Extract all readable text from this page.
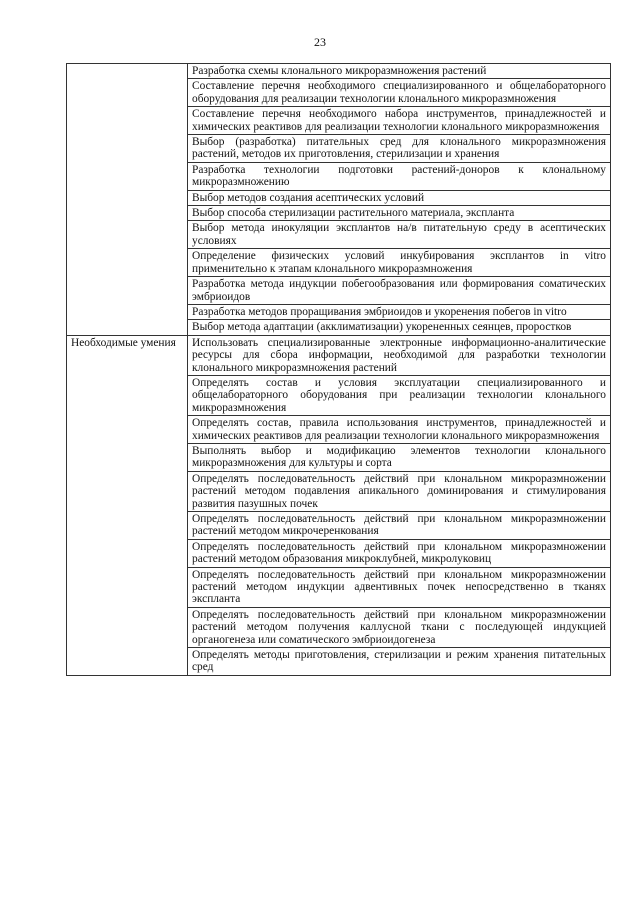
23
	Разработка схемы клонального микроразмножения растений
	Составление перечня необходимого специализированного и общелабораторного оборудования для реализации технологии клонального микроразмножения
	Составление перечня необходимого набора инструментов, принадлежностей и химических реактивов для реализации технологии клонального микроразмножения
	Выбор (разработка) питательных сред для клонального микроразмножения растений, методов их приготовления, стерилизации и хранения
	Разработка технологии подготовки растений-доноров к клональному микроразмножению
	Выбор методов создания асептических условий
	Выбор способа стерилизации растительного материала, экспланта
	Выбор метода инокуляции эксплантов на/в питательную среду в асептических условиях
	Определение физических условий инкубирования эксплантов in vitro применительно к этапам клонального микроразмножения
	Разработка метода индукции побегообразования или формирования соматических эмбриоидов
	Разработка методов проращивания эмбриоидов и укоренения побегов in vitro
	Выбор метода адаптации (акклиматизации) укорененных сеянцев, проростков
Необходимые умения	Использовать специализированные электронные информационно-аналитические ресурсы для сбора информации, необходимой для разработки технологии клонального микроразмножения растений
	Определять состав и условия эксплуатации специализированного и общелабораторного оборудования при реализации технологии клонального микроразмножения
	Определять состав, правила использования инструментов, принадлежностей и химических реактивов для реализации технологии клонального микроразмножения
	Выполнять выбор и модификацию элементов технологии клонального микроразмножения для культуры и сорта
	Определять последовательность действий при клональном микроразмножении растений методом подавления апикального доминирования и стимулирования развития пазушных почек
	Определять последовательность действий при клональном микроразмножении растений методом микрочеренкования
	Определять последовательность действий при клональном микроразмножении растений методом образования микроклубней, микролуковиц
	Определять последовательность действий при клональном микроразмножении растений методом индукции адвентивных почек непосредственно в тканях экспланта
	Определять последовательность действий при клональном микроразмножении растений методом получения каллусной ткани с последующей индукцией органогенеза или соматического эмбриоидогенеза
	Определять методы приготовления, стерилизации и режим хранения питательных сред
